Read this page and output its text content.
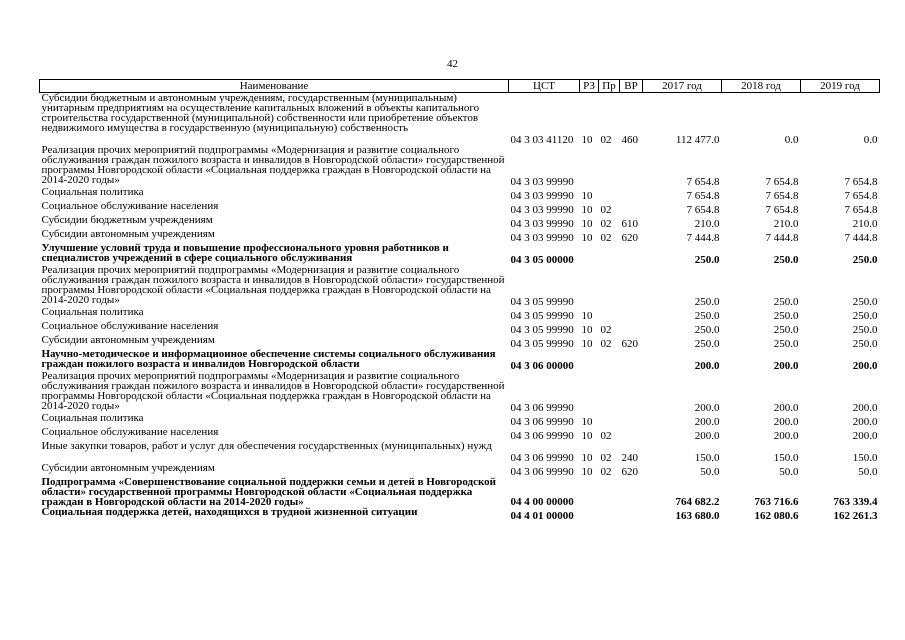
42
Наименование	ЦСТ	РЗ	Пр	ВР	2017 год	2018 год	2019 год
Субсидии бюджетным и автономным учреждениям, государственным (муниципальным) унитарным предприятиям на осуществление капитальных вложений в объекты капитального строительства государственной (муниципальной) собственности или приобретение объектов недвижимого имущества в государственную (муниципальную) собственность	04 3 03 41120	10	02	460	112 477.0	0.0	0.0
Реализация прочих мероприятий подпрограммы «Модернизация и развитие социального обслуживания граждан пожилого возраста и инвалидов в Новгородской области» государственной программы Новгородской области «Социальная поддержка граждан в Новгородской области на 2014-2020 годы»	04 3 03 99990				7 654.8	7 654.8	7 654.8
Социальная политика	04 3 03 99990	10			7 654.8	7 654.8	7 654.8
Социальное обслуживание населения	04 3 03 99990	10	02		7 654.8	7 654.8	7 654.8
Субсидии бюджетным учреждениям	04 3 03 99990	10	02	610	210.0	210.0	210.0
Субсидии автономным учреждениям	04 3 03 99990	10	02	620	7 444.8	7 444.8	7 444.8
Улучшение условий труда и повышение профессионального уровня работников и специалистов учреждений в сфере социального обслуживания	04 3 05 00000				250.0	250.0	250.0
Реализация прочих мероприятий подпрограммы «Модернизация и развитие социального обслуживания граждан пожилого возраста и инвалидов в Новгородской области» государственной программы Новгородской области «Социальная поддержка граждан в Новгородской области на 2014-2020 годы»	04 3 05 99990				250.0	250.0	250.0
Социальная политика	04 3 05 99990	10			250.0	250.0	250.0
Социальное обслуживание населения	04 3 05 99990	10	02		250.0	250.0	250.0
Субсидии автономным учреждениям	04 3 05 99990	10	02	620	250.0	250.0	250.0
Научно-методическое и информационное обеспечение системы социального обслуживания граждан пожилого возраста и инвалидов Новгородской области	04 3 06 00000				200.0	200.0	200.0
Реализация прочих мероприятий подпрограммы «Модернизация и развитие социального обслуживания граждан пожилого возраста и инвалидов в Новгородской области» государственной программы Новгородской области «Социальная поддержка граждан в Новгородской области на 2014-2020 годы»	04 3 06 99990				200.0	200.0	200.0
Социальная политика	04 3 06 99990	10			200.0	200.0	200.0
Социальное обслуживание населения	04 3 06 99990	10	02		200.0	200.0	200.0
Иные закупки товаров, работ и услуг для обеспечения государственных (муниципальных) нужд	04 3 06 99990	10	02	240	150.0	150.0	150.0
Субсидии автономным учреждениям	04 3 06 99990	10	02	620	50.0	50.0	50.0
Подпрограмма «Совершенствование социальной поддержки семьи и детей в Новгородской области» государственной программы Новгородской области «Социальная поддержка граждан в Новгородской области на 2014-2020 годы»	04 4 00 00000				764 682.2	763 716.6	763 339.4
Социальная поддержка детей, находящихся в трудной жизненной ситуации	04 4 01 00000				163 680.0	162 080.6	162 261.3
